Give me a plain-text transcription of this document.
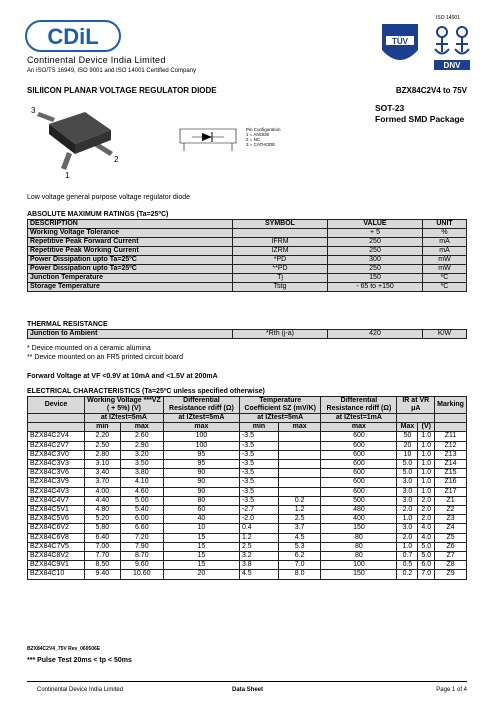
CDiL
Continental Device India Limited
An ISO/TS 16949, ISO 9001 and ISO 14001 Certified Company
ISO 14001
TÜV
DNV
SILIICON PLANAR VOLTAGE REGULATOR DIODE	BZX84C2V4 to 75V
SOT-23
Formed SMD Package
3
2
1
Pin Configuration
1 = ANODE
2 = NC
3 = CATHODE
Low voltage general purpose voltage regulator diode
ABSOLUTE MAXIMUM RATINGS (Ta=25ºC)
DESCRIPTION	SYMBOL	VALUE	UNIT
Working Voltage Tolerance		+ 5	%
Repetitive Peak Forward Current	IFRM	250	mA
Repetitive Peak Working Current	IZRM	250	mA
Power Dissipation upto Ta=25ºC	*PD	300	mW
Power Dissipation upto Ta=25ºC	**PD	250	mW
Junction Temperature	Tj	150	ºC
Storage Temperature	Tstg	- 65 to +150	ºC
THERMAL RESISTANCE
Junction to Ambient	*Rth (j-a)	420	K/W
* Device mounted on a ceramic alumina
** Device mounted on an FR5 printed circuit board
Forward Voltage at VF <0.9V at 10mA and <1.5V at 200mA
ELECTRICAL CHARACTERISTICS (Ta=25ºC unless specified otherwise)
Device	Working Voltage ***VZ ( + 5%) (V)		Differential Resistance rdiff (Ω)	Temperature Coefficient SZ (mV/K)		Differential Resistance rdiff (Ω)	IR at VR μA		Marking
	at IZtest=5mA		at IZtest=5mA	at IZtest=5mA		at IZtest=1mA			
	min	max	max	min	max	max	Max	(V)	
BZX84C2V4	2.20	2.60	100	-3.5		600	50	1.0	Z11
BZX84C2V7	2.50	2.90	100	-3.5		600	20	1.0	Z12
BZX84C3V0	2.80	3.20	95	-3.5		600	10	1.0	Z13
BZX84C3V3	3.10	3.50	95	-3.5		600	5.0	1.0	Z14
BZX84C3V6	3.40	3.80	90	-3.5		600	5.0	1.0	Z15
BZX84C3V9	3.70	4.10	90	-3.5		600	3.0	1.0	Z16
BZX84C4V3	4.00	4.60	90	-3.5		600	3.0	1.0	Z17
BZX84C4V7	4.40	5.00	80	-3.5	0.2	500	3.0	2.0	Z1
BZX84C5V1	4.80	5.40	60	-2.7	1.2	480	2.0	2.0	Z2
BZX84C5V6	5.20	6.00	40	-2.0	2.5	400	1.0	2.0	Z3
BZX84C6V2	5.80	6.60	10	0.4	3.7	150	3.0	4.0	Z4
BZX84C6V8	6.40	7.20	15	1.2	4.5	80	2.0	4.0	Z5
BZX84C7V5	7.00	7.90	15	2.5	5.3	80	1.0	5.0	Z6
BZX84C8V2	7.70	8.70	15	3.2	6.2	80	0.7	5.0	Z7
BZX84C9V1	8.50	9.60	15	3.8	7.0	100	0.5	6.0	Z8
BZX84C10	9.40	10.60	20	4.5	8.0	150	0.2	7.0	Z9
BZX84C2V4_75V Rev_060506E
*** Pulse Test 20ms < tp < 50ms
Continental Device India Limited	Data Sheet	Page 1 of 4
